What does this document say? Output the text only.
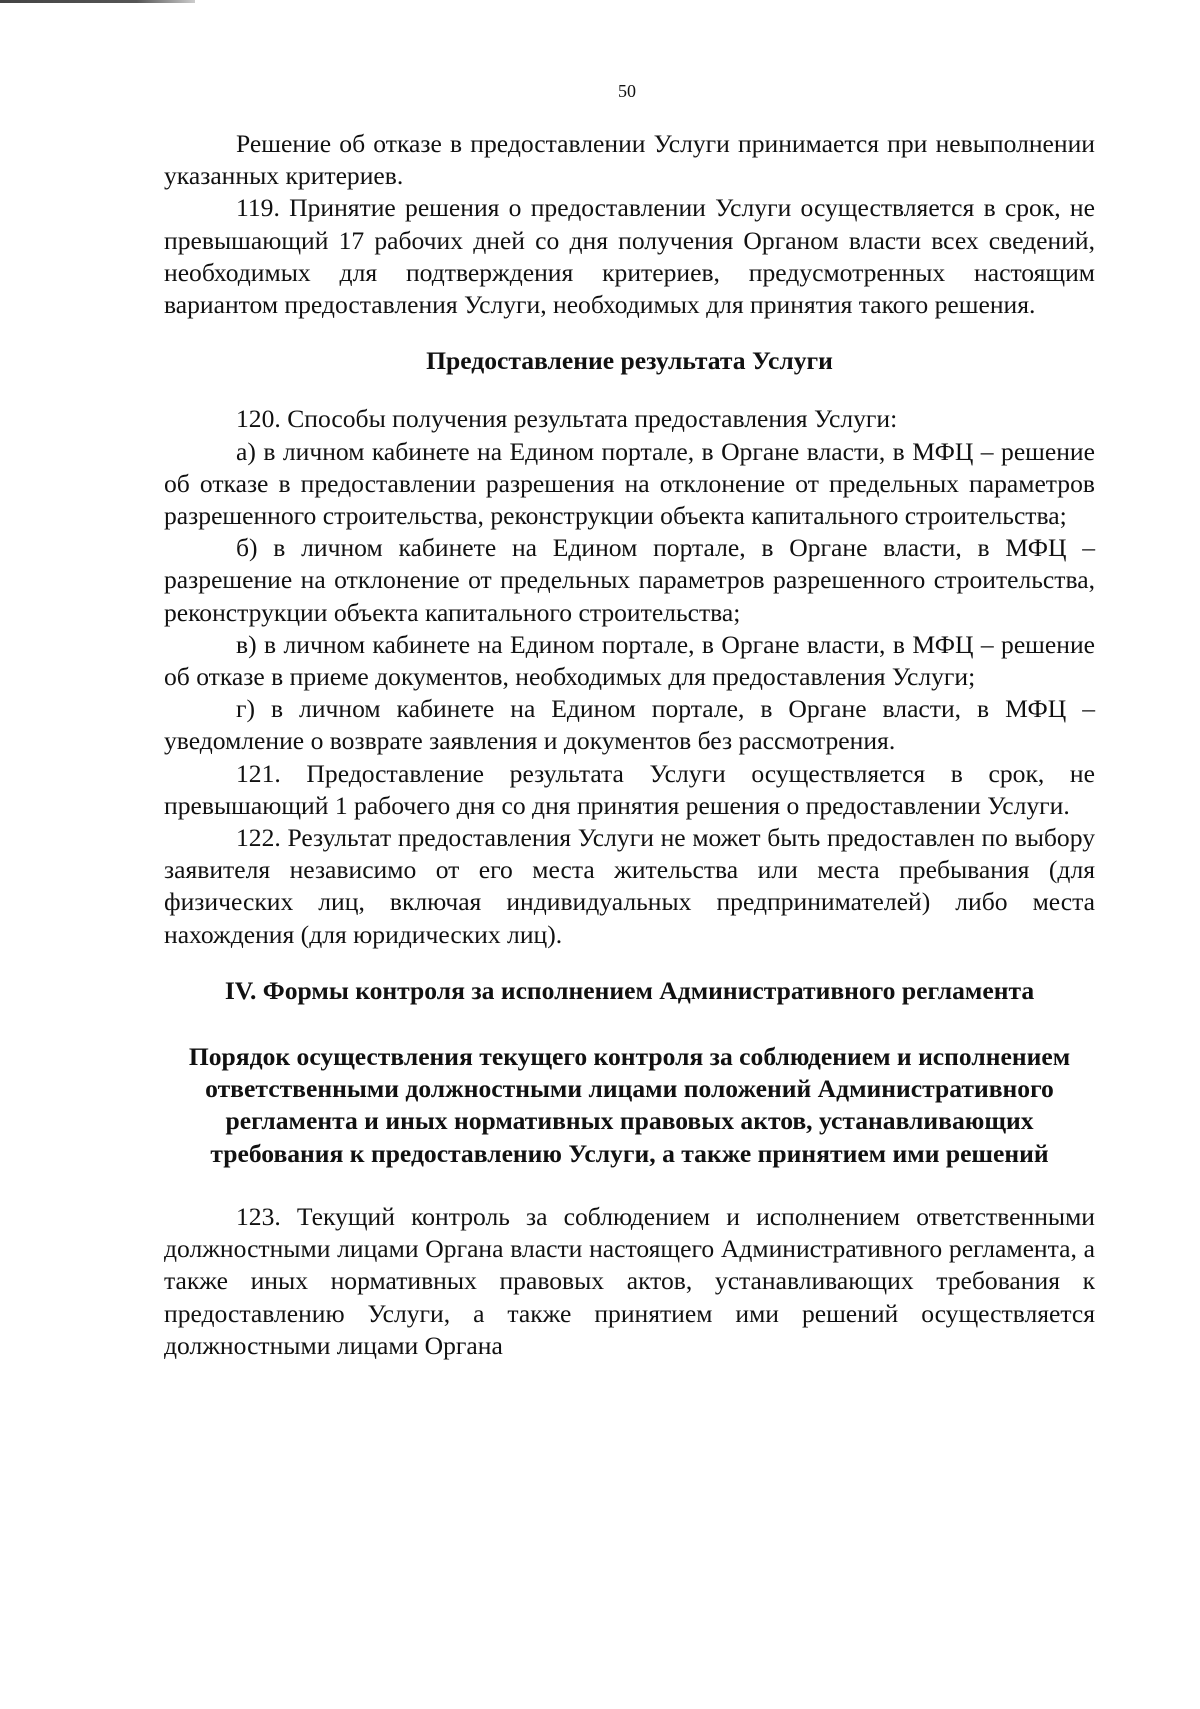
50

Решение об отказе в предоставлении Услуги принимается при невыполнении указанных критериев.

119. Принятие решения о предоставлении Услуги осуществляется в срок, не превышающий 17 рабочих дней со дня получения Органом власти всех сведений, необходимых для подтверждения критериев, предусмотренных настоящим вариантом предоставления Услуги, необходимых для принятия такого решения.

Предоставление результата Услуги

120. Способы получения результата предоставления Услуги:

а) в личном кабинете на Едином портале, в Органе власти, в МФЦ – решение об отказе в предоставлении разрешения на отклонение от предельных параметров разрешенного строительства, реконструкции объекта капитального строительства;

б) в личном кабинете на Едином портале, в Органе власти, в МФЦ – разрешение на отклонение от предельных параметров разрешенного строительства, реконструкции объекта капитального строительства;

в) в личном кабинете на Едином портале, в Органе власти, в МФЦ – решение об отказе в приеме документов, необходимых для предоставления Услуги;

г) в личном кабинете на Едином портале, в Органе власти, в МФЦ – уведомление о возврате заявления и документов без рассмотрения.

121. Предоставление результата Услуги осуществляется в срок, не превышающий 1 рабочего дня со дня принятия решения о предоставлении Услуги.

122. Результат предоставления Услуги не может быть предоставлен по выбору заявителя независимо от его места жительства или места пребывания (для физических лиц, включая индивидуальных предпринимателей) либо места нахождения (для юридических лиц).

IV. Формы контроля за исполнением Административного регламента

Порядок осуществления текущего контроля за соблюдением и исполнением ответственными должностными лицами положений Административного регламента и иных нормативных правовых актов, устанавливающих требования к предоставлению Услуги, а также принятием ими решений

123. Текущий контроль за соблюдением и исполнением ответственными должностными лицами Органа власти настоящего Административного регламента, а также иных нормативных правовых актов, устанавливающих требования к предоставлению Услуги, а также принятием ими решений осуществляется должностными лицами Органа
